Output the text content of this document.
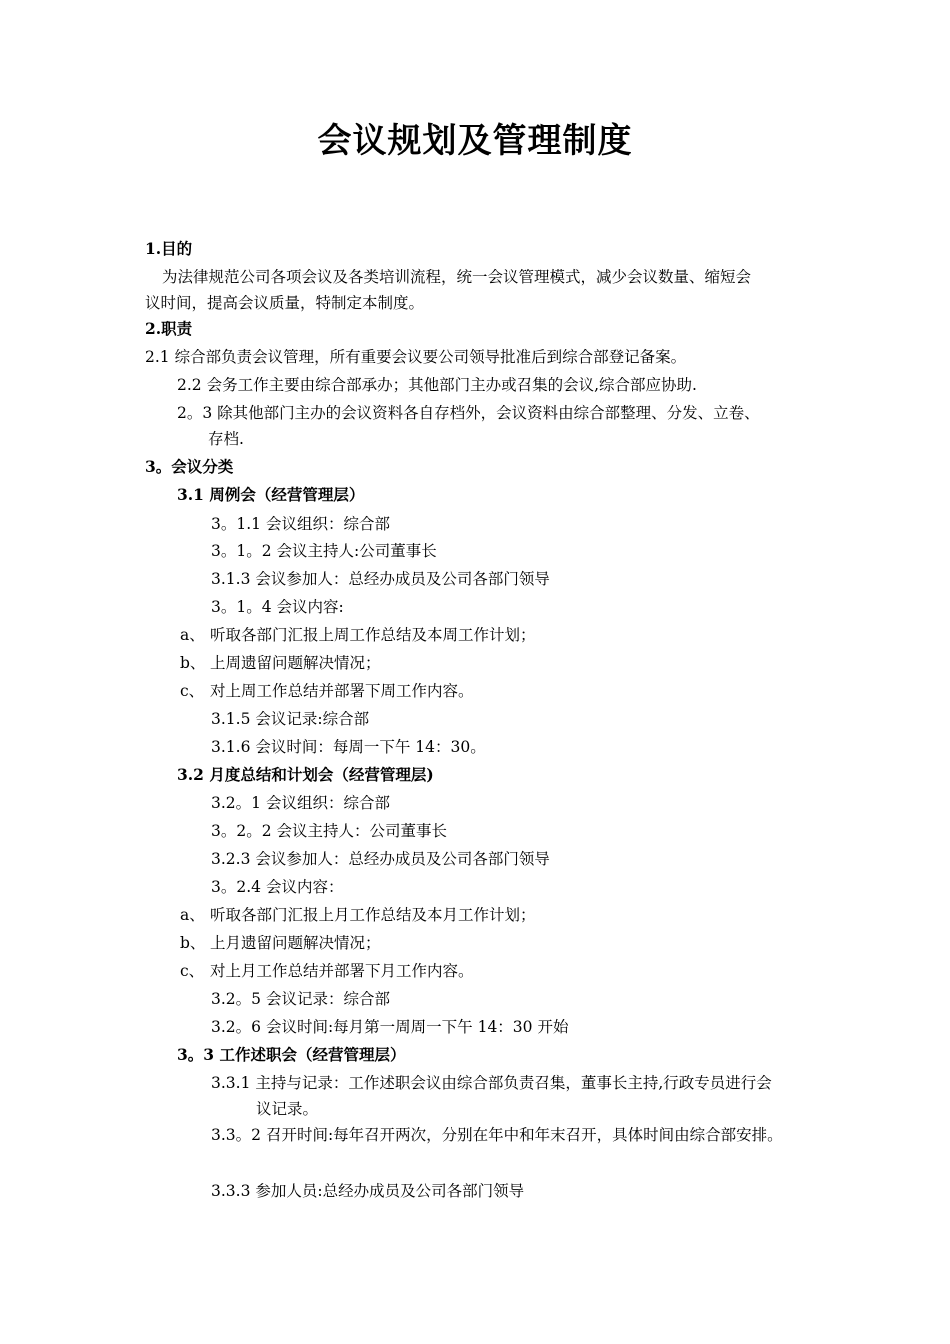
会议规划及管理制度
1.目的
为法律规范公司各项会议及各类培训流程，统一会议管理模式，减少会议数量、缩短会
议时间，提高会议质量，特制定本制度。
2.职责
2.1 综合部负责会议管理，所有重要会议要公司领导批准后到综合部登记备案。
2.2 会务工作主要由综合部承办；其他部门主办或召集的会议,综合部应协助.
2。3 除其他部门主办的会议资料各自存档外，会议资料由综合部整理、分发、立卷、
存档.
3。会议分类
3.1 周例会（经营管理层）
3。1.1 会议组织：综合部
3。1。2 会议主持人:公司董事长
3.1.3 会议参加人：总经办成员及公司各部门领导
3。1。4 会议内容:
a、 听取各部门汇报上周工作总结及本周工作计划；
b、 上周遗留问题解决情况；
c、 对上周工作总结并部署下周工作内容。
3.1.5 会议记录:综合部
3.1.6 会议时间：每周一下午 14：30。
3.2 月度总结和计划会（经营管理层)
3.2。1 会议组织：综合部
3。2。2 会议主持人：公司董事长
3.2.3 会议参加人：总经办成员及公司各部门领导
3。2.4 会议内容：
a、 听取各部门汇报上月工作总结及本月工作计划；
b、 上月遗留问题解决情况；
c、 对上月工作总结并部署下月工作内容。
3.2。5 会议记录：综合部
3.2。6 会议时间:每月第一周周一下午 14：30 开始
3。3 工作述职会（经营管理层）
3.3.1 主持与记录：工作述职会议由综合部负责召集，董事长主持,行政专员进行会
议记录。
3.3。2 召开时间:每年召开两次，分别在年中和年末召开，具体时间由综合部安排。
3.3.3 参加人员:总经办成员及公司各部门领导
